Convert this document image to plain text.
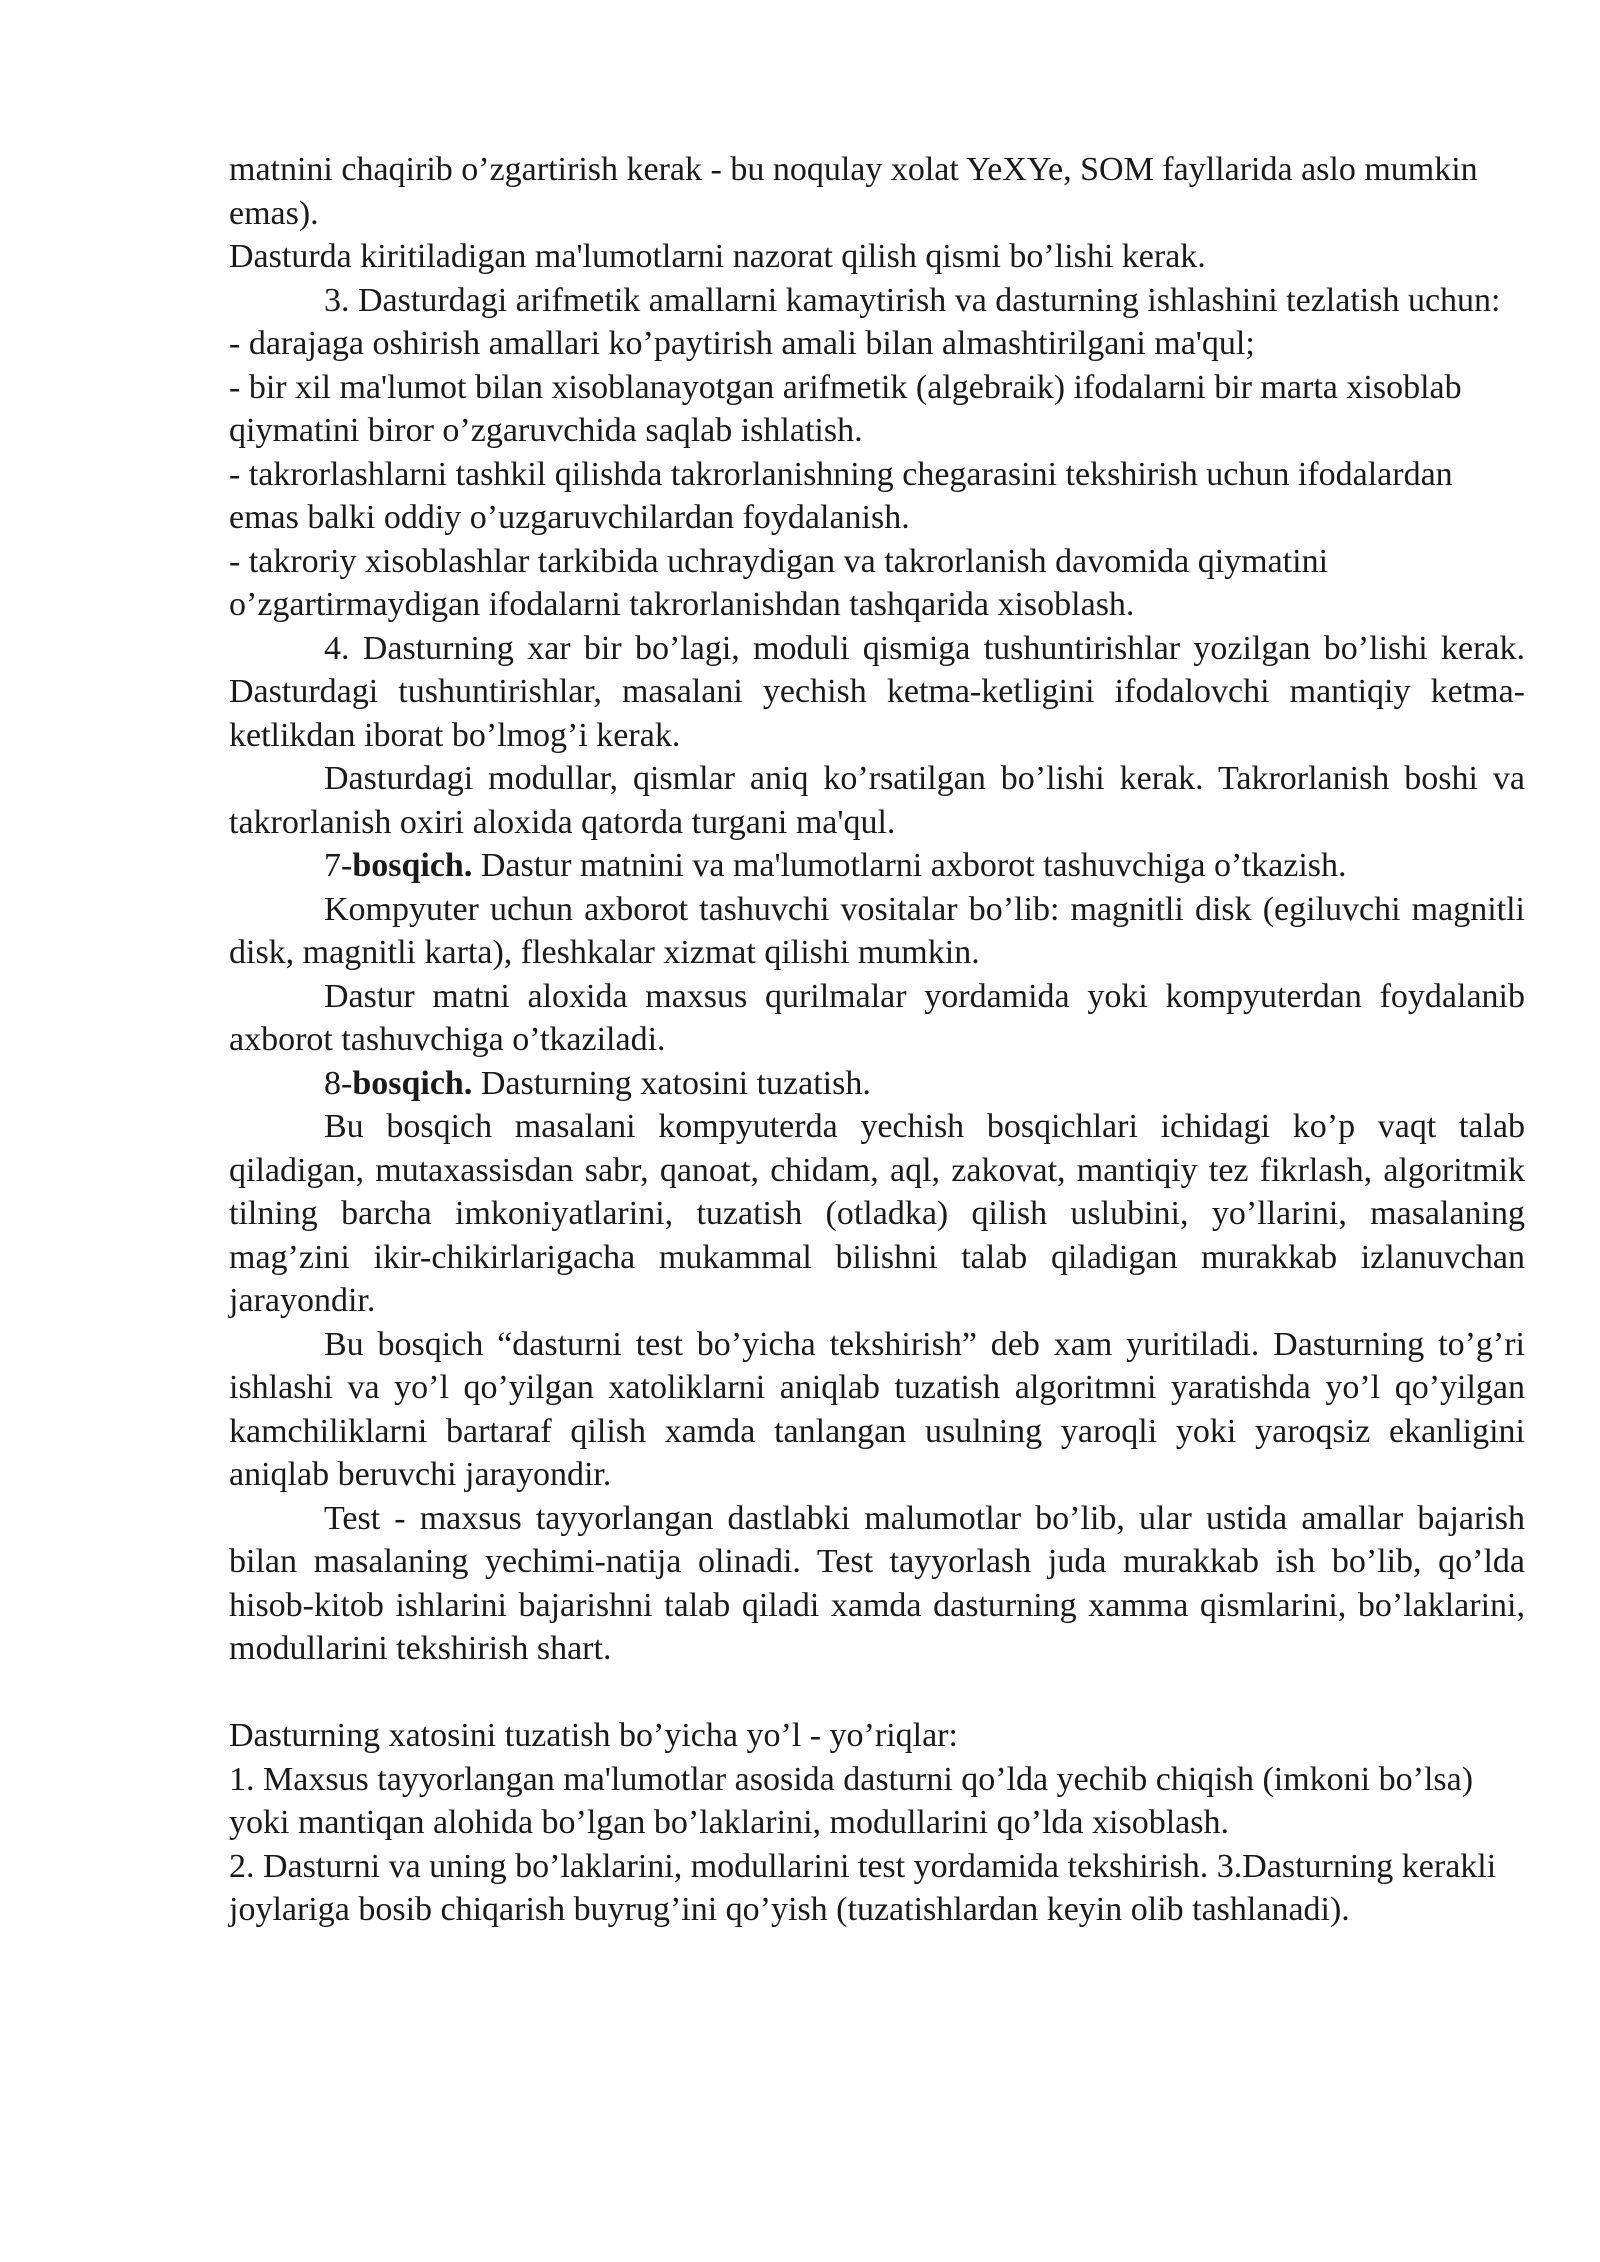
matnini chaqirib o’zgartirish kerak - bu noqulay xolat YeXYe, SOM fayllarida aslo mumkin emas).

Dasturda kiritiladigan ma'lumotlarni nazorat qilish qismi bo’lishi kerak.

3. Dasturdagi arifmetik amallarni kamaytirish va dasturning ishlashini tezlatish uchun:

- darajaga oshirish amallari ko’paytirish amali bilan almashtirilgani ma'qul;

- bir xil ma'lumot bilan xisoblanayotgan arifmetik (algebraik) ifodalarni bir marta xisoblab qiymatini biror o’zgaruvchida saqlab ishlatish.

- takrorlashlarni tashkil qilishda takrorlanishning chegarasini tekshirish uchun ifodalardan emas balki oddiy o’uzgaruvchilardan foydalanish.

- takroriy xisoblashlar tarkibida uchraydigan va takrorlanish davomida qiymatini o’zgartirmaydigan ifodalarni takrorlanishdan tashqarida xisoblash.

4. Dasturning xar bir bo’lagi, moduli qismiga tushuntirishlar yozilgan bo’lishi kerak. Dasturdagi tushuntirishlar, masalani yechish ketma-ketligini ifodalovchi mantiqiy ketma-ketlikdan iborat bo’lmog’i kerak.

Dasturdagi modullar, qismlar aniq ko’rsatilgan bo’lishi kerak. Takrorlanish boshi va takrorlanish oxiri aloxida qatorda turgani ma'qul.

7-bosqich. Dastur matnini va ma'lumotlarni axborot tashuvchiga o’tkazish.

Kompyuter uchun axborot tashuvchi vositalar bo’lib: magnitli disk (egiluvchi magnitli disk, magnitli karta), fleshkalar xizmat qilishi mumkin.

Dastur matni aloxida maxsus qurilmalar yordamida yoki kompyuterdan foydalanib axborot tashuvchiga o’tkaziladi.

8-bosqich. Dasturning xatosini tuzatish.

Bu bosqich masalani kompyuterda yechish bosqichlari ichidagi ko’p vaqt talab qiladigan, mutaxassisdan sabr, qanoat, chidam, aql, zakovat, mantiqiy tez fikrlash, algoritmik tilning barcha imkoniyatlarini, tuzatish (otladka) qilish uslubini, yo’llarini, masalaning mag’zini ikir-chikirlarigacha mukammal bilishni talab qiladigan murakkab izlanuvchan jarayondir.

Bu bosqich “dasturni test bo’yicha tekshirish” deb xam yuritiladi. Dasturning to’g’ri ishlashi va yo’l qo’yilgan xatoliklarni aniqlab tuzatish algoritmni yaratishda yo’l qo’yilgan kamchiliklarni bartaraf qilish xamda tanlangan usulning yaroqli yoki yaroqsiz ekanligini aniqlab beruvchi jarayondir.

Test - maxsus tayyorlangan dastlabki malumotlar bo’lib, ular ustida amallar bajarish bilan masalaning yechimi-natija olinadi. Test tayyorlash juda murakkab ish bo’lib, qo’lda hisob-kitob ishlarini bajarishni talab qiladi xamda dasturning xamma qismlarini, bo’laklarini, modullarini tekshirish shart.

Dasturning xatosini tuzatish bo’yicha yo’l - yo’riqlar:

1. Maxsus tayyorlangan ma'lumotlar asosida dasturni qo’lda yechib chiqish (imkoni bo’lsa) yoki mantiqan alohida bo’lgan bo’laklarini, modullarini qo’lda xisoblash.

2. Dasturni va uning bo’laklarini, modullarini test yordamida tekshirish. 3.Dasturning kerakli joylariga bosib chiqarish buyrug’ini qo’yish (tuzatishlardan keyin olib tashlanadi).
